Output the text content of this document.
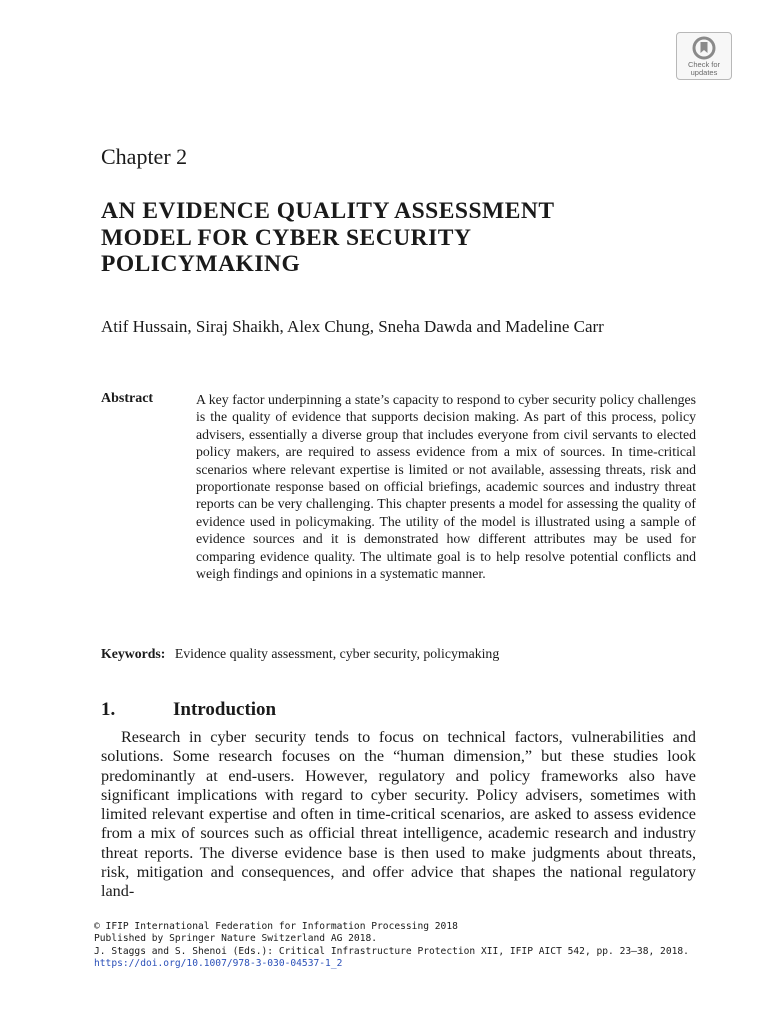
Check for
updates
Chapter 2
AN EVIDENCE QUALITY ASSESSMENT
MODEL FOR CYBER SECURITY
POLICYMAKING
Atif Hussain, Siraj Shaikh, Alex Chung, Sneha Dawda and Madeline Carr
Abstract	A key factor underpinning a state’s capacity to respond to cyber security policy challenges is the quality of evidence that supports decision making. As part of this process, policy advisers, essentially a diverse group that includes everyone from civil servants to elected policy makers, are required to assess evidence from a mix of sources. In time-critical scenarios where relevant expertise is limited or not available, assessing threats, risk and proportionate response based on official briefings, academic sources and industry threat reports can be very challenging. This chapter presents a model for assessing the quality of evidence used in policymaking. The utility of the model is illustrated using a sample of evidence sources and it is demonstrated how different attributes may be used for comparing evidence quality. The ultimate goal is to help resolve potential conflicts and weigh findings and opinions in a systematic manner.
Keywords: Evidence quality assessment, cyber security, policymaking
1.	Introduction
Research in cyber security tends to focus on technical factors, vulnerabilities and solutions. Some research focuses on the “human dimension,” but these studies look predominantly at end-users. However, regulatory and policy frameworks also have significant implications with regard to cyber security. Policy advisers, sometimes with limited relevant expertise and often in time-critical scenarios, are asked to assess evidence from a mix of sources such as official threat intelligence, academic research and industry threat reports. The diverse evidence base is then used to make judgments about threats, risk, mitigation and consequences, and offer advice that shapes the national regulatory land-
© IFIP International Federation for Information Processing 2018
Published by Springer Nature Switzerland AG 2018.
J. Staggs and S. Shenoi (Eds.): Critical Infrastructure Protection XII, IFIP AICT 542, pp. 23–38, 2018.
https://doi.org/10.1007/978-3-030-04537-1_2
